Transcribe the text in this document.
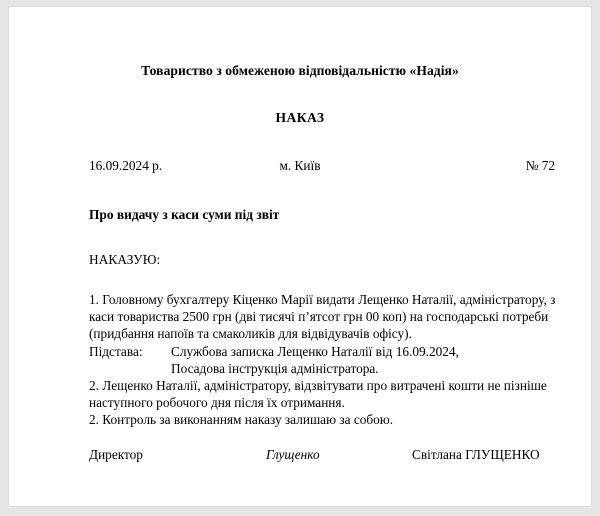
Товариство з обмеженою відповідальністю «Надія»
НАКАЗ
16.09.2024 р.	м. Київ	№ 72
Про видачу з каси суми під звіт
НАКАЗУЮ:

1. Головному бухгалтеру Кіценко Марії видати Лещенко Наталії, адміністратору, з каси товариства 2500 грн (дві тисячі п’ятсот грн 00 коп) на господарські потреби (придбання напоїв та смаколиків для відвідувачів офісу).

Підстава: Службова записка Лещенко Наталії від 16.09.2024,
Посадова інструкція адміністратора.

2. Лещенко Наталії, адміністратору, відзвітувати про витрачені кошти не пізніше наступного робочого дня після їх отримання.

2. Контроль за виконанням наказу залишаю за собою.

Директор	Глущенко	Світлана ГЛУЩЕНКО
